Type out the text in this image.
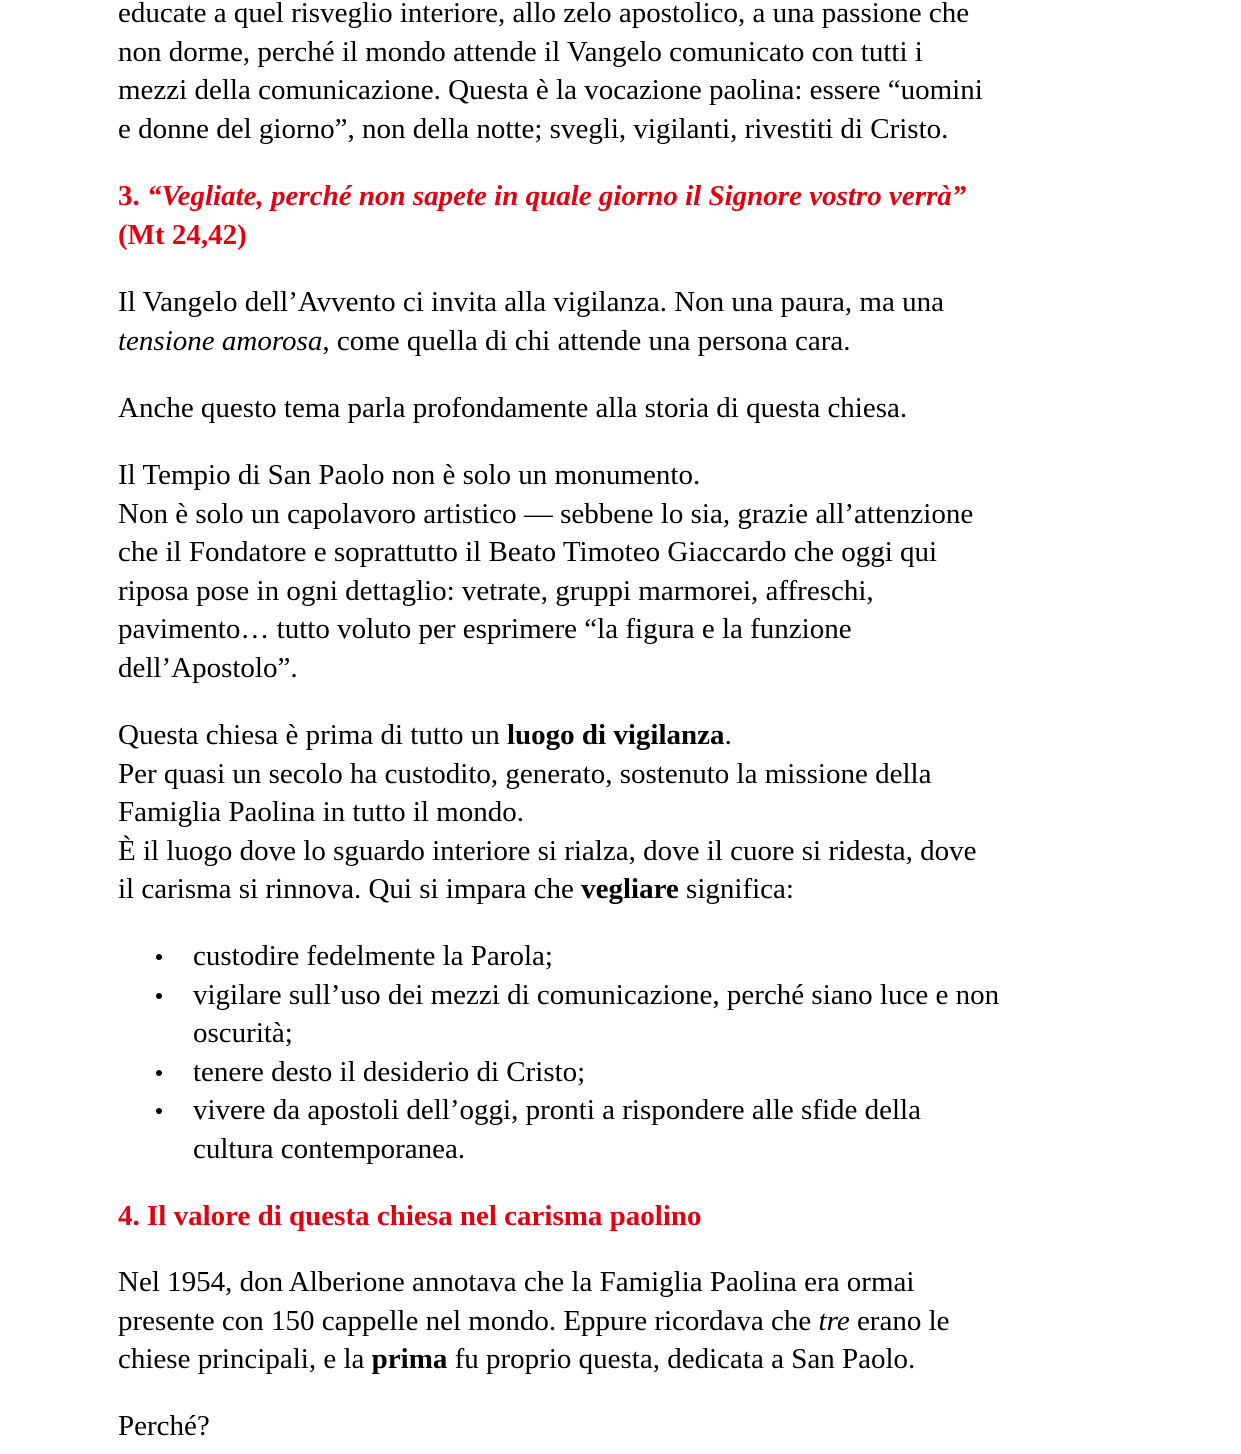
educate a quel risveglio interiore, allo zelo apostolico, a una passione che
non dorme, perché il mondo attende il Vangelo comunicato con tutti i
mezzi della comunicazione. Questa è la vocazione paolina: essere “uomini
e donne del giorno”, non della notte; svegli, vigilanti, rivestiti di Cristo.
3. “Vegliate, perché non sapete in quale giorno il Signore vostro verrà”
(Mt 24,42)
Il Vangelo dell’Avvento ci invita alla vigilanza. Non una paura, ma una
tensione amorosa, come quella di chi attende una persona cara.
Anche questo tema parla profondamente alla storia di questa chiesa.
Il Tempio di San Paolo non è solo un monumento.
Non è solo un capolavoro artistico — sebbene lo sia, grazie all’attenzione
che il Fondatore e soprattutto il Beato Timoteo Giaccardo che oggi qui
riposa pose in ogni dettaglio: vetrate, gruppi marmorei, affreschi,
pavimento… tutto voluto per esprimere “la figura e la funzione
dell’Apostolo”.
Questa chiesa è prima di tutto un luogo di vigilanza.
Per quasi un secolo ha custodito, generato, sostenuto la missione della
Famiglia Paolina in tutto il mondo.
È il luogo dove lo sguardo interiore si rialza, dove il cuore si ridesta, dove
il carisma si rinnova. Qui si impara che vegliare significa:
custodire fedelmente la Parola;
vigilare sull’uso dei mezzi di comunicazione, perché siano luce e non
oscurità;
tenere desto il desiderio di Cristo;
vivere da apostoli dell’oggi, pronti a rispondere alle sfide della
cultura contemporanea.
4. Il valore di questa chiesa nel carisma paolino
Nel 1954, don Alberione annotava che la Famiglia Paolina era ormai
presente con 150 cappelle nel mondo. Eppure ricordava che tre erano le
chiese principali, e la prima fu proprio questa, dedicata a San Paolo.
Perché?
